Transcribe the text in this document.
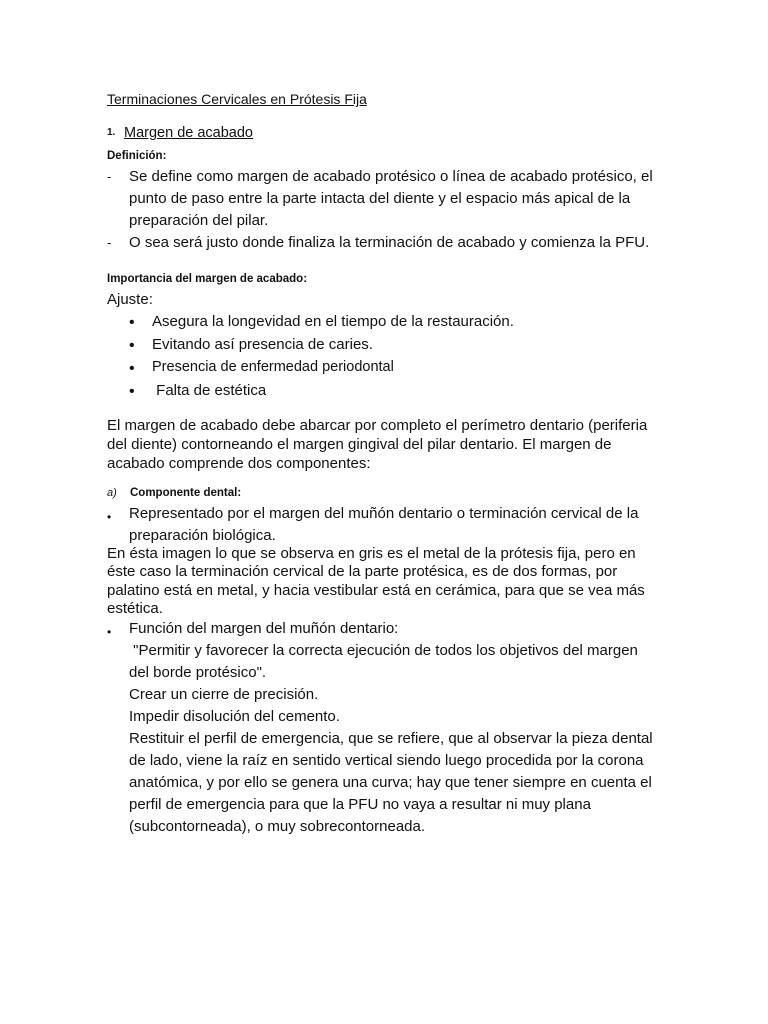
Terminaciones Cervicales en Prótesis Fija
1. Margen de acabado
Definición:
- Se define como margen de acabado protésico o línea de acabado protésico, el
punto de paso entre la parte intacta del diente y el espacio más apical de la
preparación del pilar.
- O sea será justo donde finaliza la terminación de acabado y comienza la PFU.
Importancia del margen de acabado:
Ajuste:
• Asegura la longevidad en el tiempo de la restauración.
• Evitando así presencia de caries.
• Presencia de enfermedad periodontal
• Falta de estética
El margen de acabado debe abarcar por completo el perímetro dentario (periferia
del diente) contorneando el margen gingival del pilar dentario. El margen de
acabado comprende dos componentes:
a) Componente dental:
• Representado por el margen del muñón dentario o terminación cervical de la
preparación biológica.
En ésta imagen lo que se observa en gris es el metal de la prótesis fija, pero en
éste caso la terminación cervical de la parte protésica, es de dos formas, por
palatino está en metal, y hacia vestibular está en cerámica, para que se vea más
estética.
• Función del margen del muñón dentario:
"Permitir y favorecer la correcta ejecución de todos los objetivos del margen
del borde protésico".
Crear un cierre de precisión.
Impedir disolución del cemento.
Restituir el perfil de emergencia, que se refiere, que al observar la pieza dental
de lado, viene la raíz en sentido vertical siendo luego procedida por la corona
anatómica, y por ello se genera una curva; hay que tener siempre en cuenta el
perfil de emergencia para que la PFU no vaya a resultar ni muy plana
(subcontorneada), o muy sobrecontorneada.
